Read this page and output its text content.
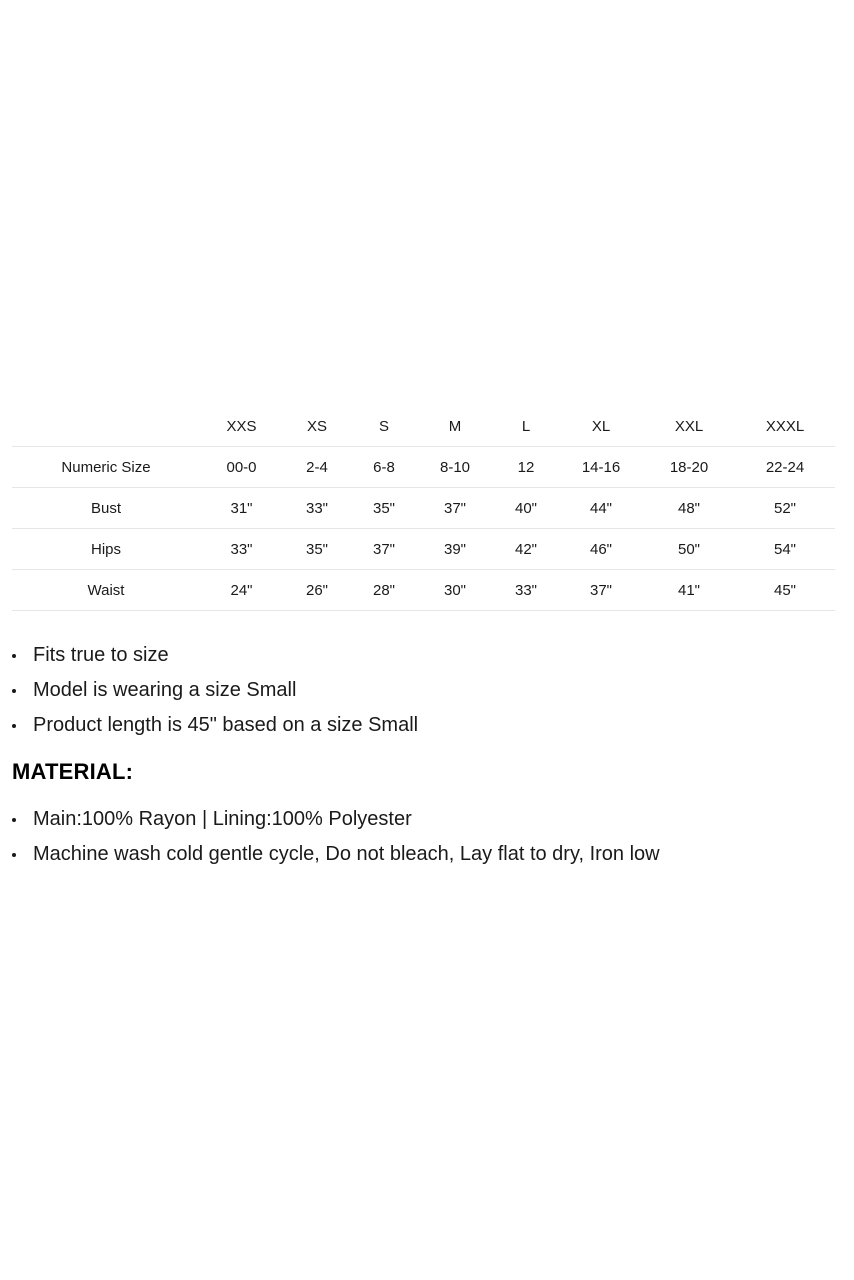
	XXS	XS	S	M	L	XL	XXL	XXXL
Numeric Size	00-0	2-4	6-8	8-10	12	14-16	18-20	22-24
Bust	31"	33"	35"	37"	40"	44"	48"	52"
Hips	33"	35"	37"	39"	42"	46"	50"	54"
Waist	24"	26"	28"	30"	33"	37"	41"	45"
Fits true to size
Model is wearing a size Small
Product length is 45" based on a size Small
MATERIAL:
Main:100% Rayon | Lining:100% Polyester
Machine wash cold gentle cycle, Do not bleach, Lay flat to dry, Iron low
